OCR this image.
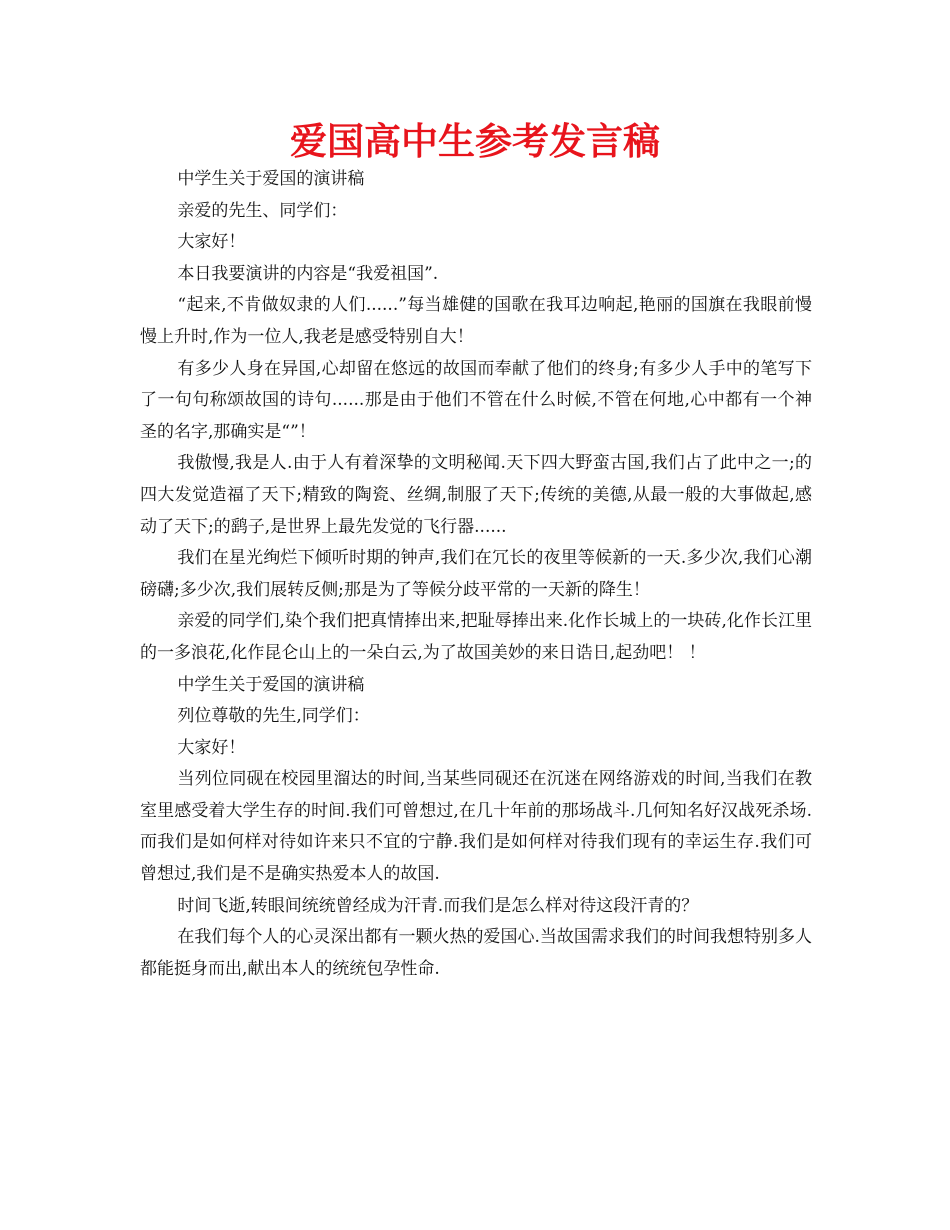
爱国高中生参考发言稿

中学生关于爱国的演讲稿

亲爱的先生、同学们：

大家好！

本日我要演讲的内容是“我爱祖国”.

“起来,不肯做奴隶的人们......”每当雄健的国歌在我耳边响起,艳丽的国旗在我眼前慢慢上升时,作为一位人,我老是感受特别自大！

有多少人身在异国,心却留在悠远的故国而奉献了他们的终身;有多少人手中的笔写下了一句句称颂故国的诗句......那是由于他们不管在什么时候,不管在何地,心中都有一个神圣的名字,那确实是“”！

我傲慢,我是人.由于人有着深挚的文明秘闻.天下四大野蛮古国,我们占了此中之一;的四大发觉造福了天下;精致的陶瓷、丝绸,制服了天下;传统的美德,从最一般的大事做起,感动了天下;的鹞子,是世界上最先发觉的飞行器......

我们在星光绚烂下倾听时期的钟声,我们在冗长的夜里等候新的一天.多少次,我们心潮磅礴;多少次,我们展转反侧;那是为了等候分歧平常的一天新的降生！

亲爱的同学们,染个我们把真情捧出来,把耻辱捧出来.化作长城上的一块砖,化作长江里的一多浪花,化作昆仑山上的一朵白云,为了故国美妙的来日诰日,起劲吧！ ！

中学生关于爱国的演讲稿

列位尊敬的先生,同学们：

大家好！

当列位同砚在校园里溜达的时间,当某些同砚还在沉迷在网络游戏的时间,当我们在教室里感受着大学生存的时间.我们可曾想过,在几十年前的那场战斗.几何知名好汉战死杀场.而我们是如何样对待如许来只不宜的宁静.我们是如何样对待我们现有的幸运生存.我们可曾想过,我们是不是确实热爱本人的故国.

时间飞逝,转眼间统统曾经成为汗青.而我们是怎么样对待这段汗青的？

在我们每个人的心灵深出都有一颗火热的爱国心.当故国需求我们的时间我想特别多人都能挺身而出,献出本人的统统包孕性命.
